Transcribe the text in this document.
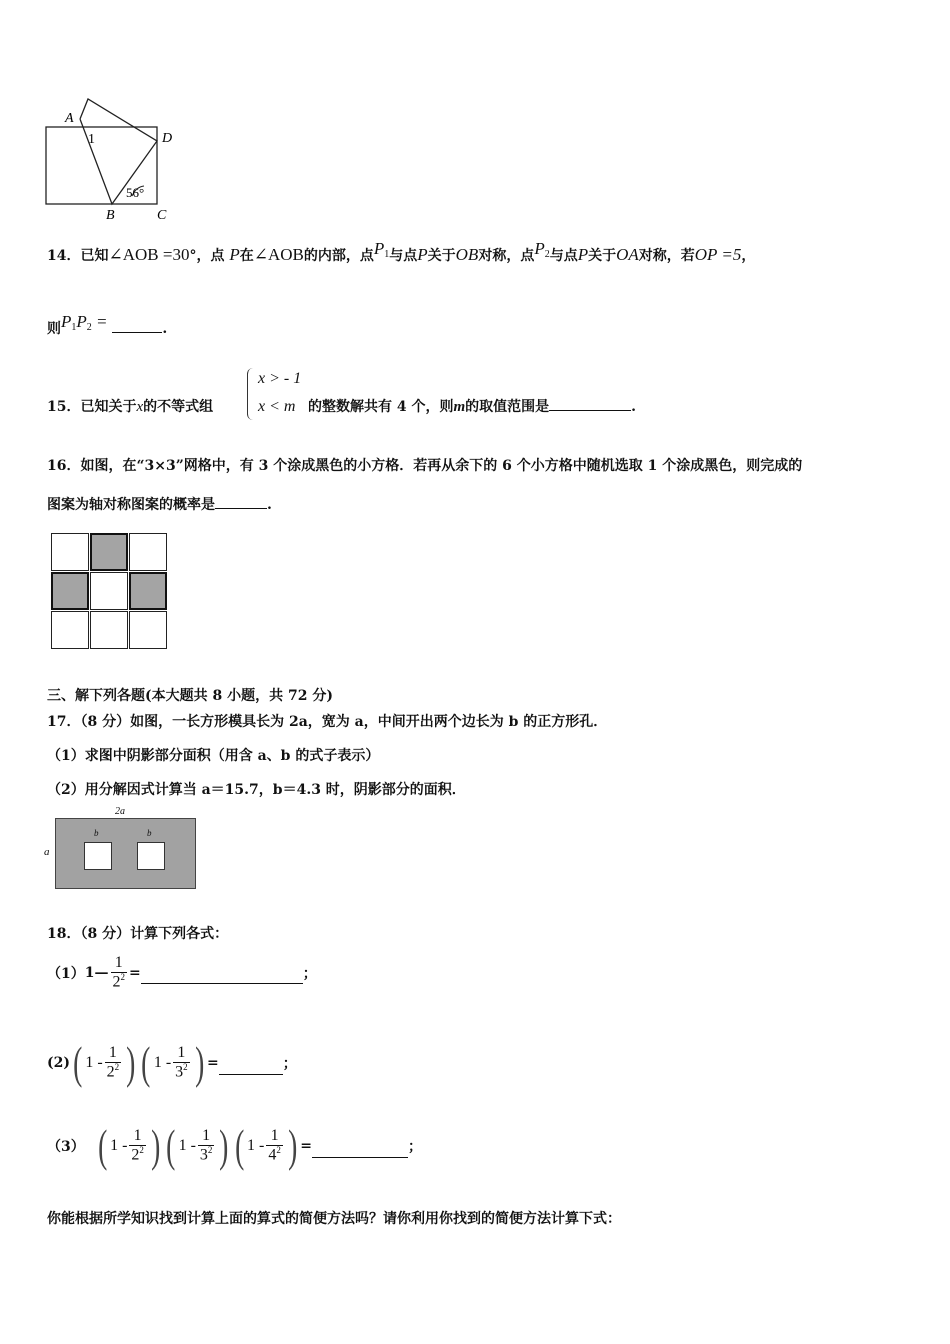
A
1	D
56°
B	C
14．已知∠AOB =30°，点 P在∠AOB的内部，点$P_1$与点P关于OB对称，点$P_2$与点P关于OA对称，若OP =5，
则$P_1P_2$ =	.
15．已知关于x的不等式组
x > - 1
x < m 的整数解共有 4 个，则m的取值范围是	.
16．如图，在“3×3”网格中，有 3 个涂成黑色的小方格．若再从余下的 6 个小方格中随机选取 1 个涂成黑色，则完成的
图案为轴对称图案的概率是	.
三、解下列各题(本大题共 8 小题，共 72 分)
17．（8 分）如图，一长方形模具长为 2a，宽为 a，中间开出两个边长为 b 的正方形孔．
（1）求图中阴影部分面积（用含 a、b 的式子表示）
（2）用分解因式计算当 a＝15.7，b＝4.3 时，阴影部分的面积．
2a
a
b	b
18．（8 分）计算下列各式：
（1） 1— $\frac{1}{2^2}$ =	；
(2) ( $1 - \frac{1}{2^2}$ ) ( $1 - \frac{1}{3^2}$ ) =	；
（3） ( $1 - \frac{1}{2^2}$ ) ( $1 - \frac{1}{3^2}$ ) ( $1 - \frac{1}{4^2}$ ) =	；
你能根据所学知识找到计算上面的算式的简便方法吗？请你利用你找到的简便方法计算下式：
